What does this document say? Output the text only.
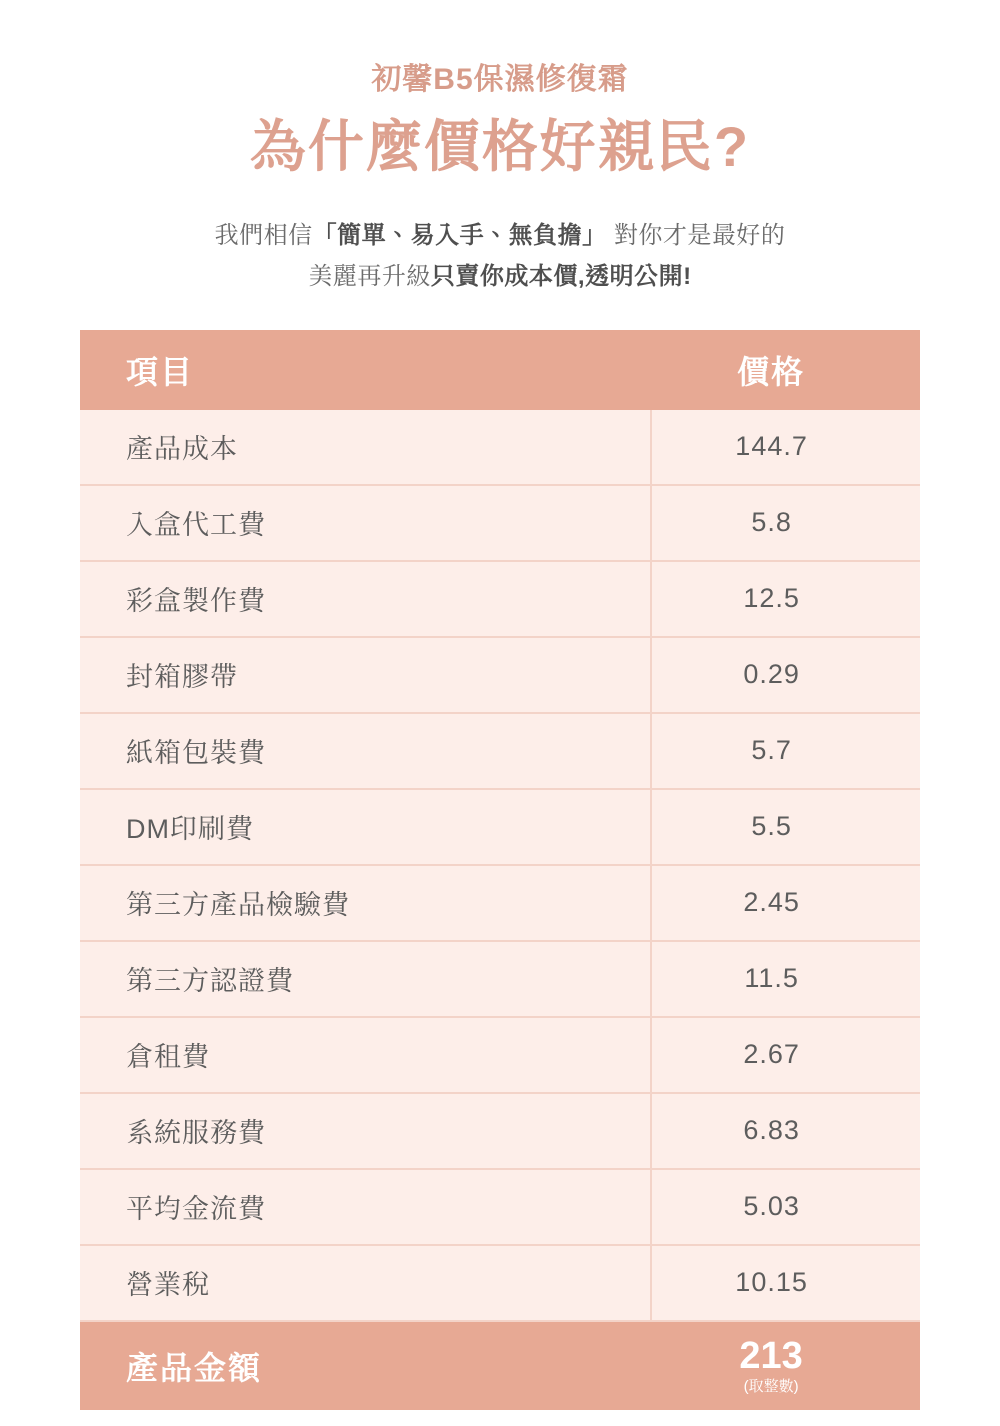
初馨B5保濕修復霜
為什麼價格好親民?
我們相信「簡單、易入手、無負擔」 對你才是最好的
美麗再升級只賣你成本價,透明公開!
項目	價格
產品成本	144.7
入盒代工費	5.8
彩盒製作費	12.5
封箱膠帶	0.29
紙箱包裝費	5.7
DM印刷費	5.5
第三方產品檢驗費	2.45
第三方認證費	11.5
倉租費	2.67
系統服務費	6.83
平均金流費	5.03
營業稅	10.15
產品金額	213
(取整數)
